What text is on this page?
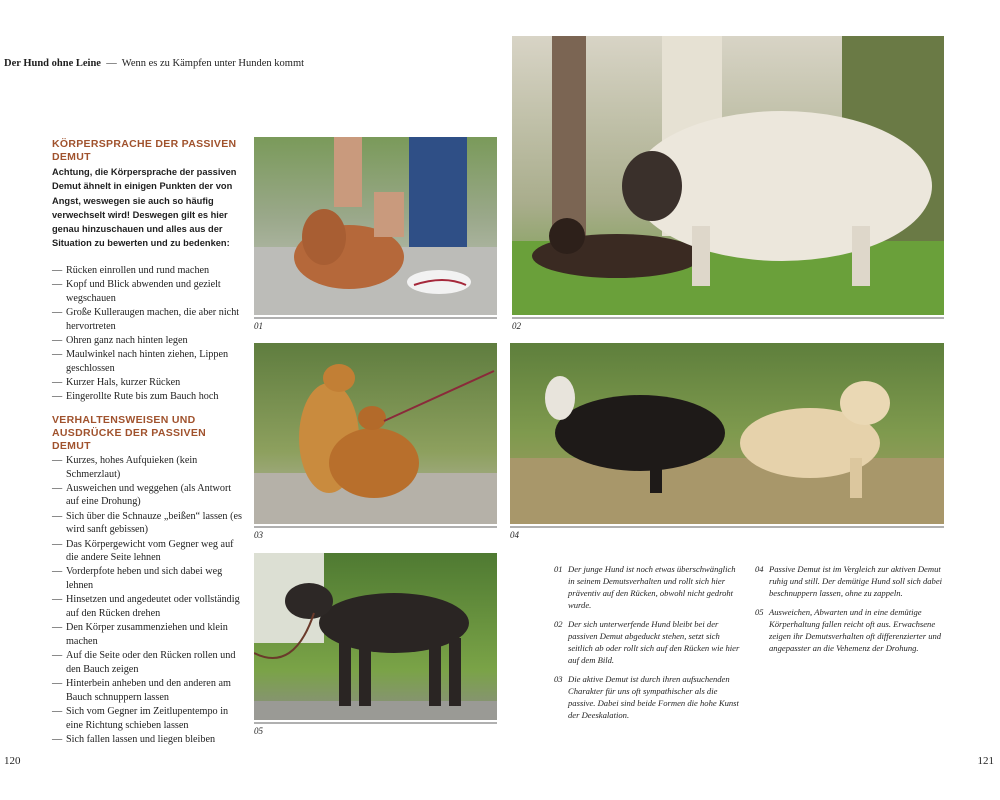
Der Hund ohne Leine — Wenn es zu Kämpfen unter Hunden kommt
KÖRPERSPRACHE DER PASSIVEN DEMUT

Achtung, die Körpersprache der passiven Demut ähnelt in einigen Punkten der von Angst, weswegen sie auch so häufig verwechselt wird! Deswegen gilt es hier genau hinzuschauen und alles aus der Situation zu bewerten und zu bedenken:

— Rücken einrollen und rund machen
— Kopf und Blick abwenden und gezielt wegschauen
— Große Kulleraugen machen, die aber nicht hervortreten
— Ohren ganz nach hinten legen
— Maulwinkel nach hinten ziehen, Lippen geschlossen
— Kurzer Hals, kurzer Rücken
— Eingerollte Rute bis zum Bauch hoch
VERHALTENSWEISEN UND AUSDRÜCKE DER PASSIVEN DEMUT
— Kurzes, hohes Aufquieken (kein Schmerzlaut)
— Ausweichen und weggehen (als Antwort auf eine Drohung)
— Sich über die Schnauze „beißen“ lassen (es wird sanft gebissen)
— Das Körpergewicht vom Gegner weg auf die andere Seite lehnen
— Vorderpfote heben und sich dabei weg lehnen
— Hinsetzen und angedeutet oder vollständig auf den Rücken drehen
— Den Körper zusammenziehen und klein machen
— Auf die Seite oder den Rücken rollen und den Bauch zeigen
— Hinterbein anheben und den anderen am Bauch schnuppern lassen
— Sich vom Gegner im Zeitlupentempo in eine Richtung schieben lassen
— Sich fallen lassen und liegen bleiben
01	02
03	04
05

01 Der junge Hund ist noch etwas überschwänglich in seinem Demutsverhalten und rollt sich hier präventiv auf den Rücken, obwohl nicht gedroht wurde.

02 Der sich unterwerfende Hund bleibt bei der passiven Demut abgeduckt stehen, setzt sich seitlich ab oder rollt sich auf den Rücken wie hier auf dem Bild.

03 Die aktive Demut ist durch ihren aufsuchenden Charakter für uns oft sympathischer als die passive. Dabei sind beide Formen die hohe Kunst der Deeskalation.

04 Passive Demut ist im Vergleich zur aktiven Demut ruhig und still. Der demütige Hund soll sich dabei beschnuppern lassen, ohne zu zappeln.

05 Ausweichen, Abwarten und in eine demütige Körperhaltung fallen reicht oft aus. Erwachsene zeigen ihr Demutsverhalten oft differenzierter und angepasster an die Vehemenz der Drohung.

120	121
